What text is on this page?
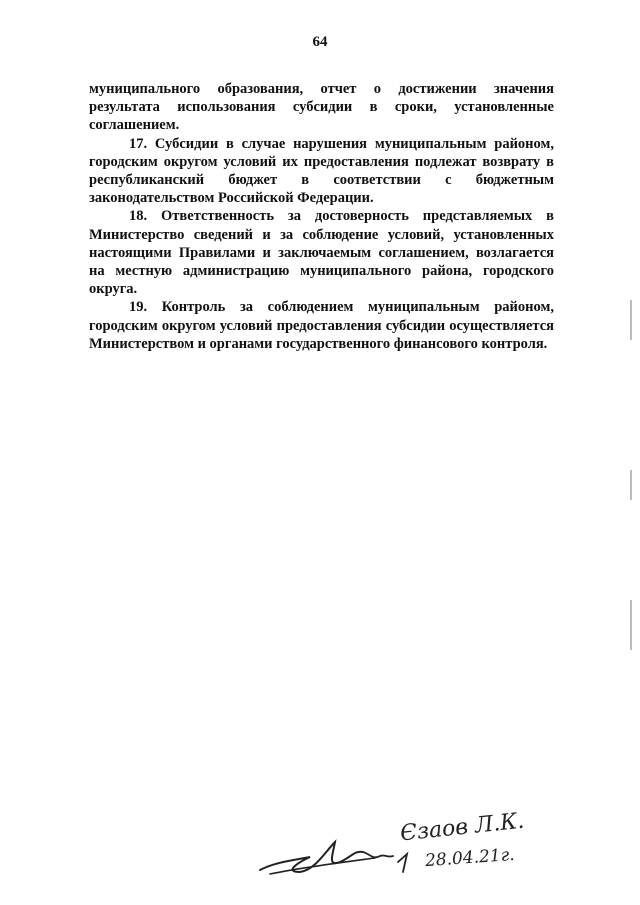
64

муниципального образования, отчет о достижении значения результата использования субсидии в сроки, установленные соглашением.

17. Субсидии в случае нарушения муниципальным районом, городским округом условий их предоставления подлежат возврату в республиканский бюджет в соответствии с бюджетным законодательством Российской Федерации.

18. Ответственность за достоверность представляемых в Министерство сведений и за соблюдение условий, установленных настоящими Правилами и заключаемым соглашением, возлагается на местную администрацию муниципального района, городского округа.

19. Контроль за соблюдением муниципальным районом, городским округом условий предоставления субсидии осуществляется Министерством и органами государственного финансового контроля.

Єзаов Л.К.
28.04.21г.
